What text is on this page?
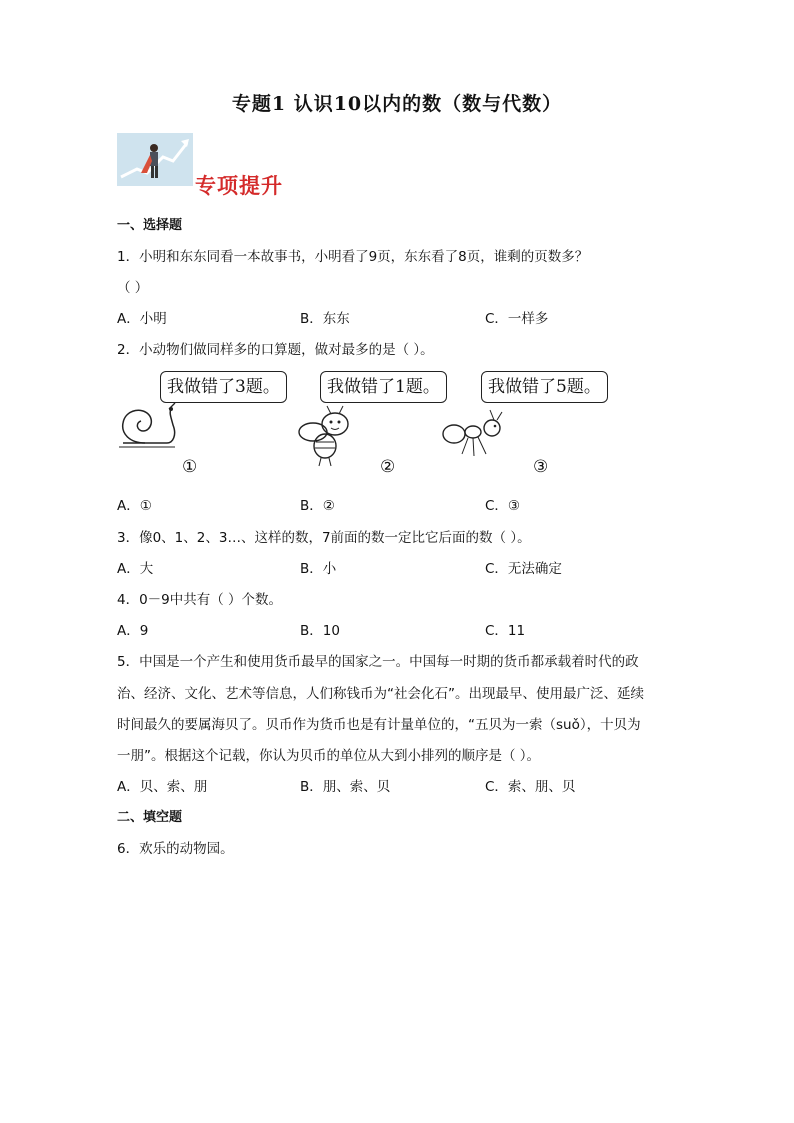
专题1 认识10以内的数（数与代数）
专项提升
一、选择题
1．小明和东东同看一本故事书，小明看了9页，东东看了8页，谁剩的页数多？
（ ）
A．小明	B．东东	C．一样多
2．小动物们做同样多的口算题，做对最多的是（ ）。
我做错了3题。	我做错了1题。	我做错了5题。
①	②	③
A．①	B．②	C．③
3．像0、1、2、3…、这样的数，7前面的数一定比它后面的数（ ）。
A．大	B．小	C．无法确定
4．0－9中共有（ ）个数。
A．9	B．10	C．11
5．中国是一个产生和使用货币最早的国家之一。中国每一时期的货币都承载着时代的政
治、经济、文化、艺术等信息，人们称钱币为“社会化石”。出现最早、使用最广泛、延续
时间最久的要属海贝了。贝币作为货币也是有计量单位的，“五贝为一索（suǒ），十贝为
一朋”。根据这个记载，你认为贝币的单位从大到小排列的顺序是（ ）。
A．贝、索、朋	B．朋、索、贝	C．索、朋、贝
二、填空题
6．欢乐的动物园。
